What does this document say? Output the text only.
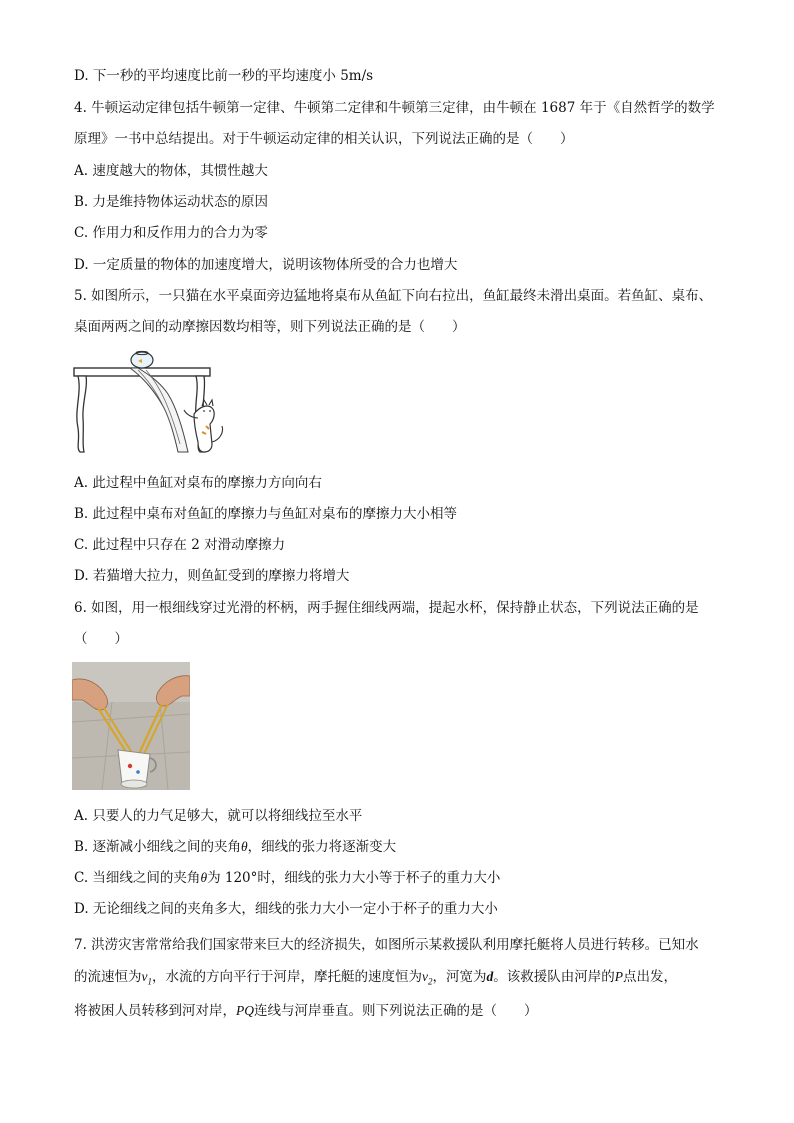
D. 下一秒的平均速度比前一秒的平均速度小 5m/s
4. 牛顿运动定律包括牛顿第一定律、牛顿第二定律和牛顿第三定律，由牛顿在 1687 年于《自然哲学的数学
原理》一书中总结提出。对于牛顿运动定律的相关认识，下列说法正确的是（　　）
A. 速度越大的物体，其惯性越大
B. 力是维持物体运动状态的原因
C. 作用力和反作用力的合力为零
D. 一定质量的物体的加速度增大，说明该物体所受的合力也增大
5. 如图所示，一只猫在水平桌面旁边猛地将桌布从鱼缸下向右拉出，鱼缸最终未滑出桌面。若鱼缸、桌布、
桌面两两之间的动摩擦因数均相等，则下列说法正确的是（　　）
A. 此过程中鱼缸对桌布的摩擦力方向向右
B. 此过程中桌布对鱼缸的摩擦力与鱼缸对桌布的摩擦力大小相等
C. 此过程中只存在 2 对滑动摩擦力
D. 若猫增大拉力，则鱼缸受到的摩擦力将增大
6. 如图，用一根细线穿过光滑的杯柄，两手握住细线两端，提起水杯，保持静止状态，下列说法正确的是
（　　）
A. 只要人的力气足够大，就可以将细线拉至水平
B. 逐渐减小细线之间的夹角θ，细线的张力将逐渐变大
C. 当细线之间的夹角θ为 120°时，细线的张力大小等于杯子的重力大小
D. 无论细线之间的夹角多大，细线的张力大小一定小于杯子的重力大小
7. 洪涝灾害常常给我们国家带来巨大的经济损失，如图所示某救援队利用摩托艇将人员进行转移。已知水
的流速恒为$v_1$，水流的方向平行于河岸，摩托艇的速度恒为$v_2$，河宽为d。该救援队由河岸的P点出发，
将被困人员转移到河对岸，PQ连线与河岸垂直。则下列说法正确的是（　　）
